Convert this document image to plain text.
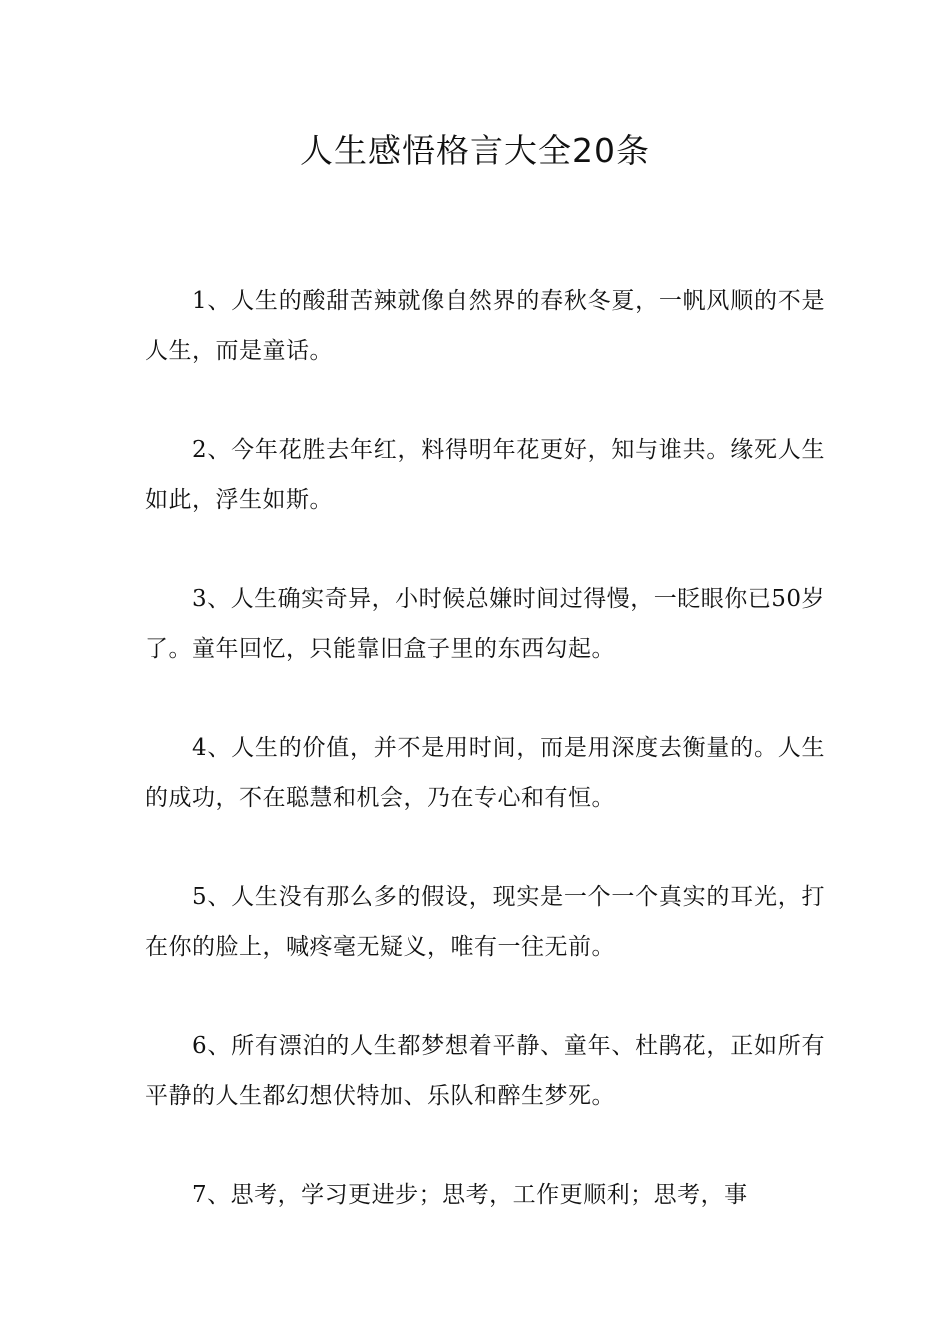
人生感悟格言大全20条
1、人生的酸甜苦辣就像自然界的春秋冬夏，一帆风顺的不是人生，而是童话。
2、今年花胜去年红，料得明年花更好，知与谁共。缘死人生如此，浮生如斯。
3、人生确实奇异，小时候总嫌时间过得慢，一眨眼你已50岁了。童年回忆，只能靠旧盒子里的东西勾起。
4、人生的价值，并不是用时间，而是用深度去衡量的。人生的成功，不在聪慧和机会，乃在专心和有恒。
5、人生没有那么多的假设，现实是一个一个真实的耳光，打在你的脸上，喊疼毫无疑义，唯有一往无前。
6、所有漂泊的人生都梦想着平静、童年、杜鹃花，正如所有平静的人生都幻想伏特加、乐队和醉生梦死。
7、思考，学习更进步；思考，工作更顺利；思考，事
